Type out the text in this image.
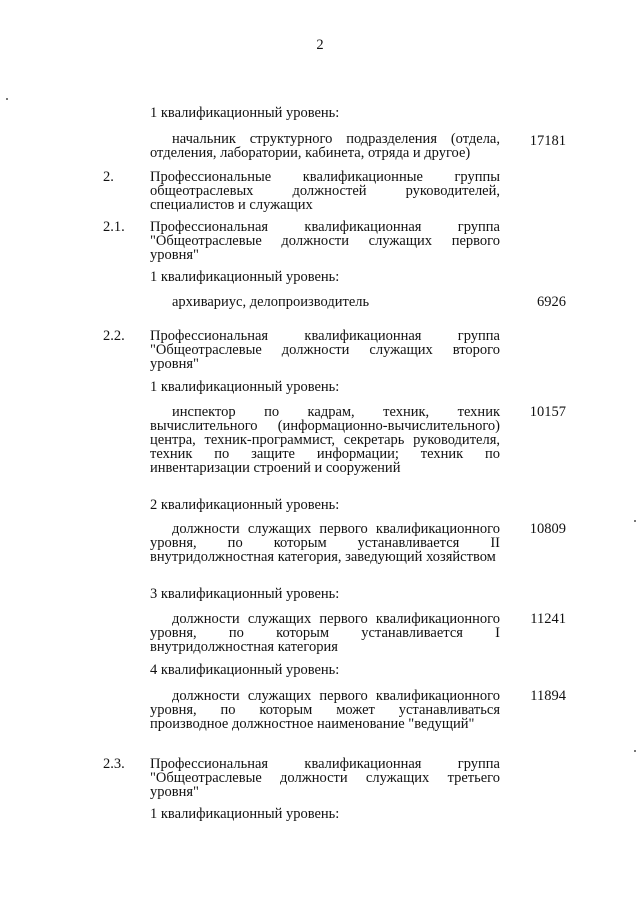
2
1 квалификационный уровень:
начальник структурного подразделения (отдела, отделения, лаборатории, кабинета, отряда и другое)
17181
2. Профессиональные квалификационные группы общеотраслевых должностей руководителей, специалистов и служащих
2.1. Профессиональная квалификационная группа "Общеотраслевые должности служащих первого уровня"
1 квалификационный уровень:
архивариус, делопроизводитель	6926
2.2. Профессиональная квалификационная группа "Общеотраслевые должности служащих второго уровня"
1 квалификационный уровень:
инспектор по кадрам, техник, техник вычислительного (информационно-вычислительного) центра, техник-программист, секретарь руководителя, техник по защите информации; техник по инвентаризации строений и сооружений
10157
2 квалификационный уровень:
должности служащих первого квалификационного уровня, по которым устанавливается II внутридолжностная категория, заведующий хозяйством
10809
3 квалификационный уровень:
должности служащих первого квалификационного уровня, по которым устанавливается I внутридолжностная категория
11241
4 квалификационный уровень:
должности служащих первого квалификационного уровня, по которым может устанавливаться производное должностное наименование "ведущий"
11894
2.3. Профессиональная квалификационная группа "Общеотраслевые должности служащих третьего уровня"
1 квалификационный уровень:
